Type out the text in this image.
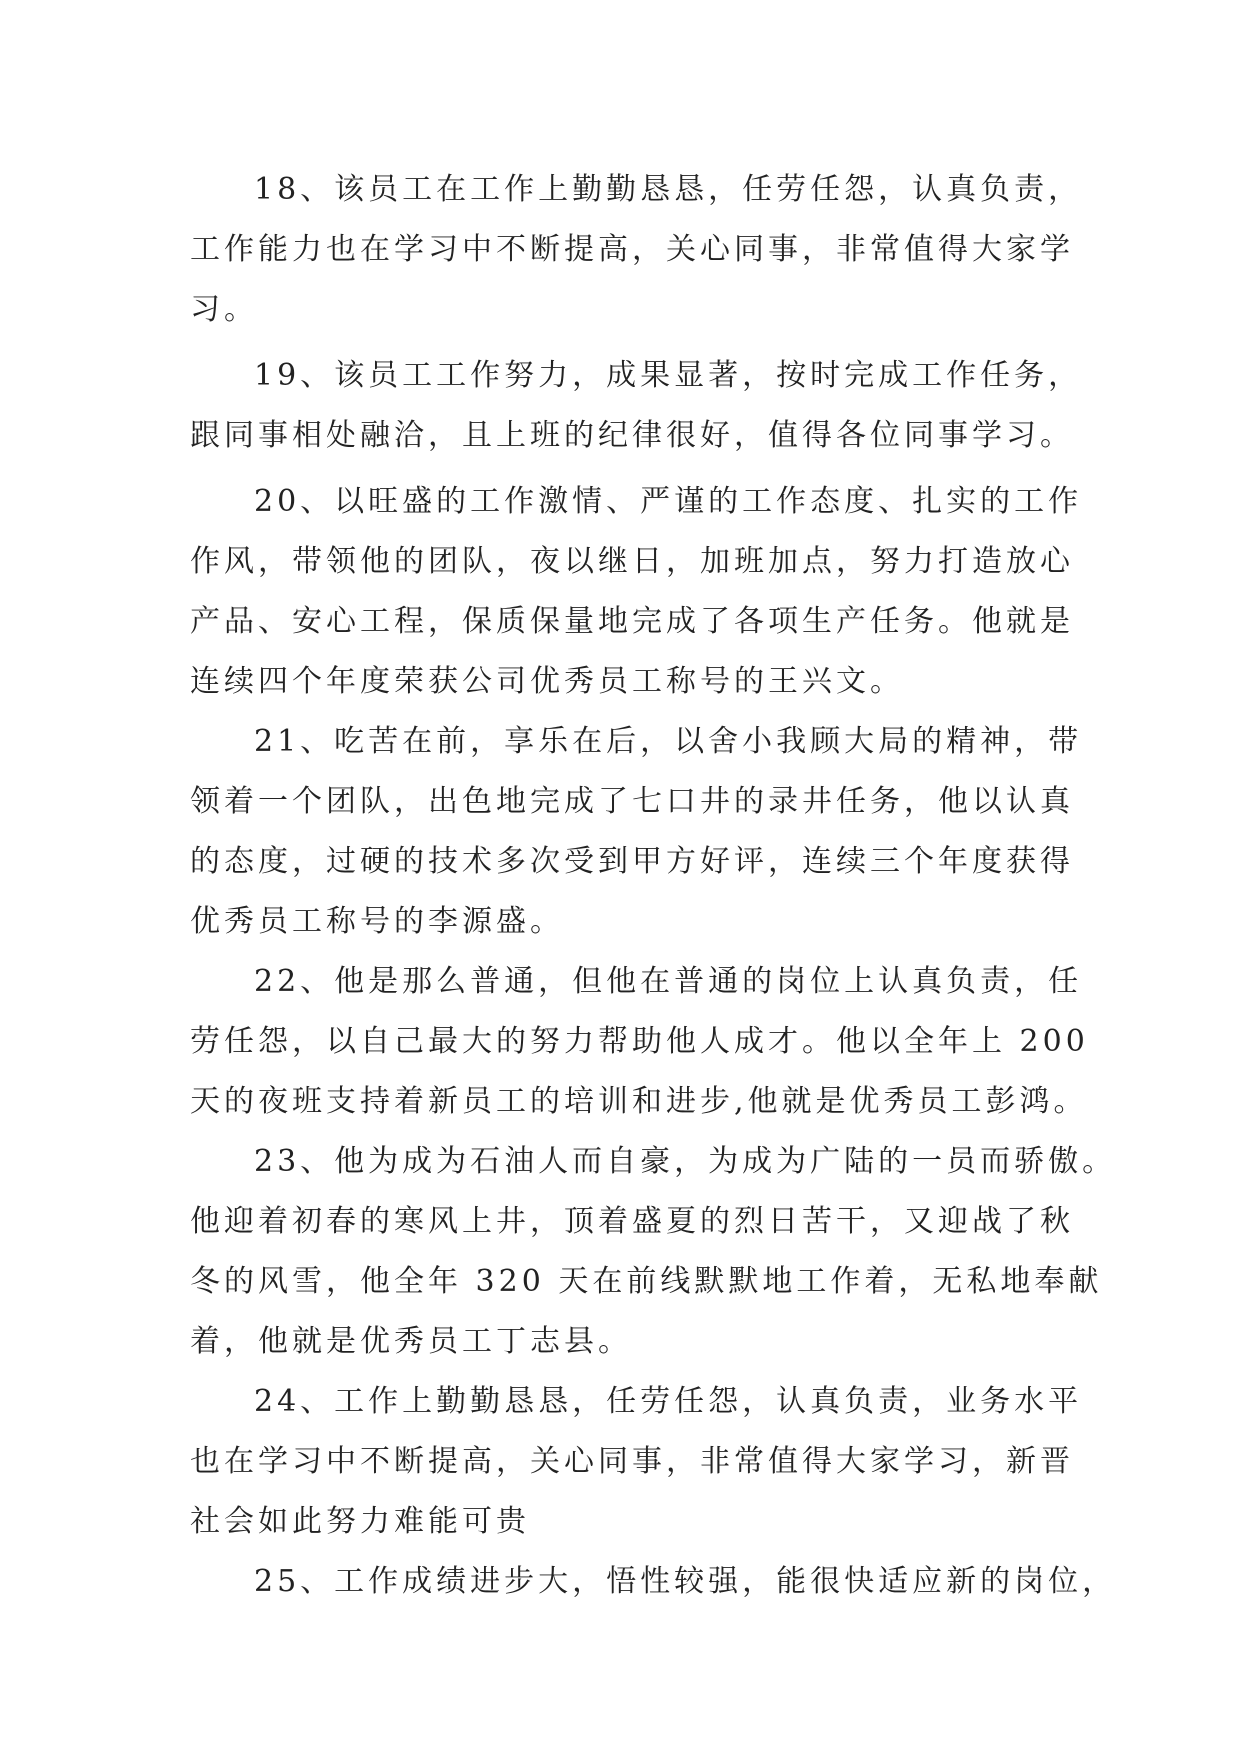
18、该员工在工作上勤勤恳恳，任劳任怨，认真负责，
工作能力也在学习中不断提高，关心同事，非常值得大家学
习。

19、该员工工作努力，成果显著，按时完成工作任务，
跟同事相处融洽，且上班的纪律很好，值得各位同事学习。

20、以旺盛的工作激情、严谨的工作态度、扎实的工作
作风，带领他的团队，夜以继日，加班加点，努力打造放心
产品、安心工程，保质保量地完成了各项生产任务。他就是
连续四个年度荣获公司优秀员工称号的王兴文。

21、吃苦在前，享乐在后，以舍小我顾大局的精神，带
领着一个团队，出色地完成了七口井的录井任务，他以认真
的态度，过硬的技术多次受到甲方好评，连续三个年度获得
优秀员工称号的李源盛。

22、他是那么普通，但他在普通的岗位上认真负责，任
劳任怨，以自己最大的努力帮助他人成才。他以全年上 200
天的夜班支持着新员工的培训和进步,他就是优秀员工彭鸿。

23、他为成为石油人而自豪，为成为广陆的一员而骄傲。
他迎着初春的寒风上井，顶着盛夏的烈日苦干，又迎战了秋
冬的风雪，他全年 320 天在前线默默地工作着，无私地奉献
着，他就是优秀员工丁志县。

24、工作上勤勤恳恳，任劳任怨，认真负责，业务水平
也在学习中不断提高，关心同事，非常值得大家学习，新晋
社会如此努力难能可贵

25、工作成绩进步大，悟性较强，能很快适应新的岗位，
